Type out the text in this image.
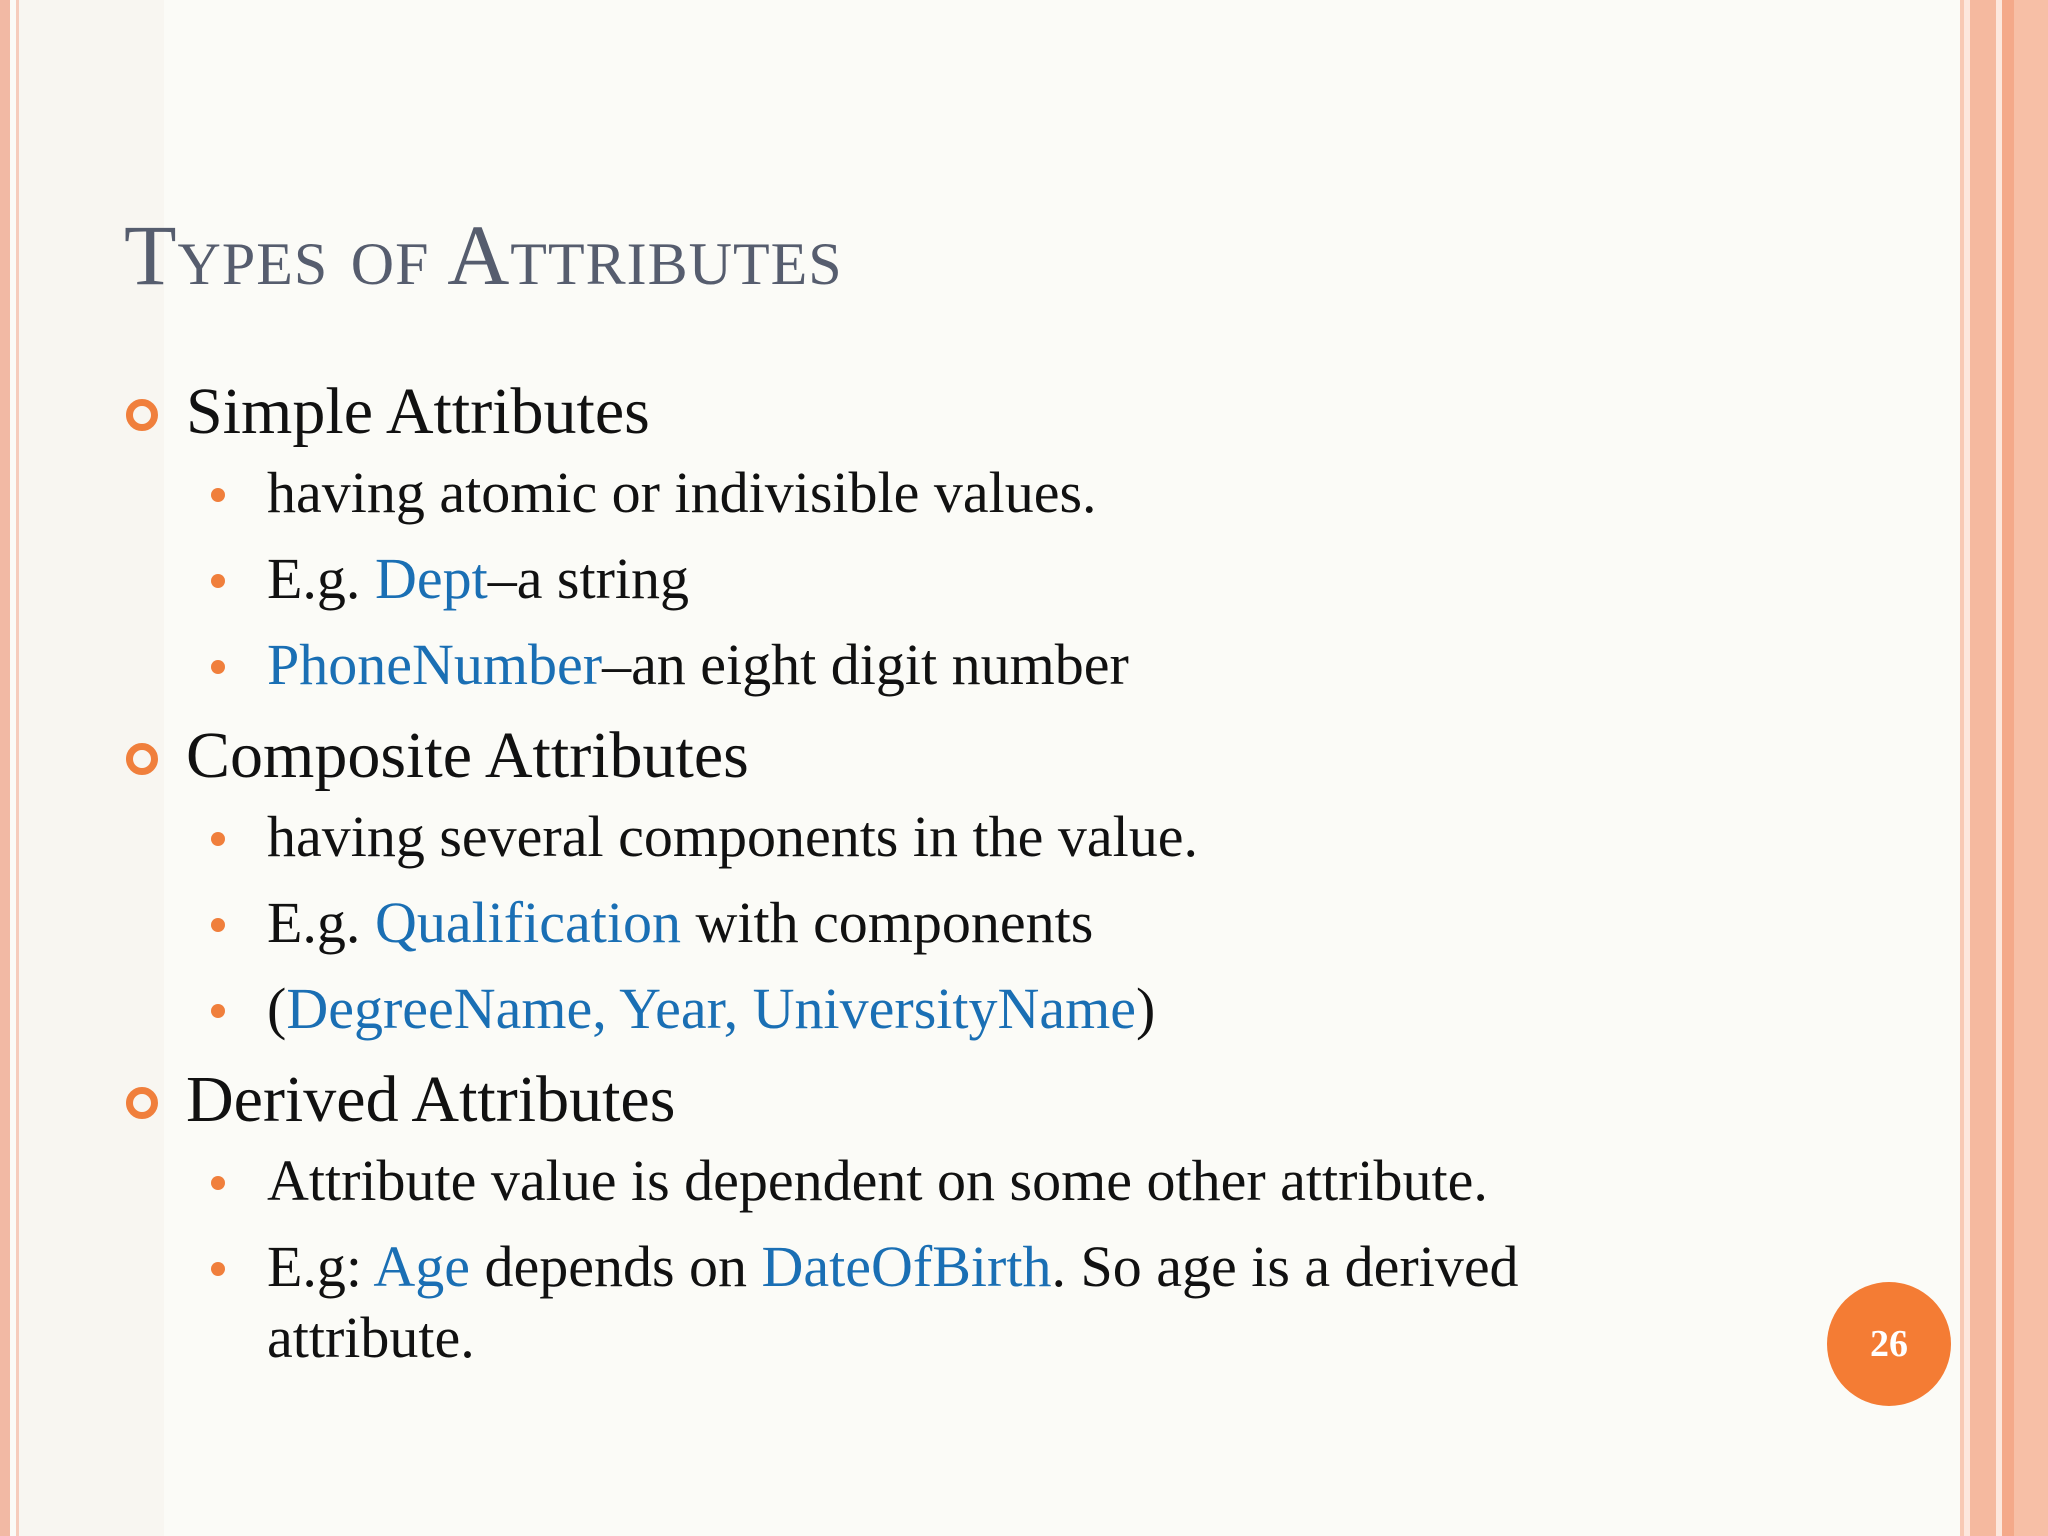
Types of Attributes
Simple Attributes
having atomic or indivisible values.
E.g. Dept–a string
PhoneNumber–an eight digit number
Composite Attributes
having several components in the value.
E.g. Qualification with components
(DegreeName, Year, UniversityName)
Derived Attributes
Attribute value is dependent on some other attribute.
E.g: Age depends on DateOfBirth. So age is a derived
attribute.	26
